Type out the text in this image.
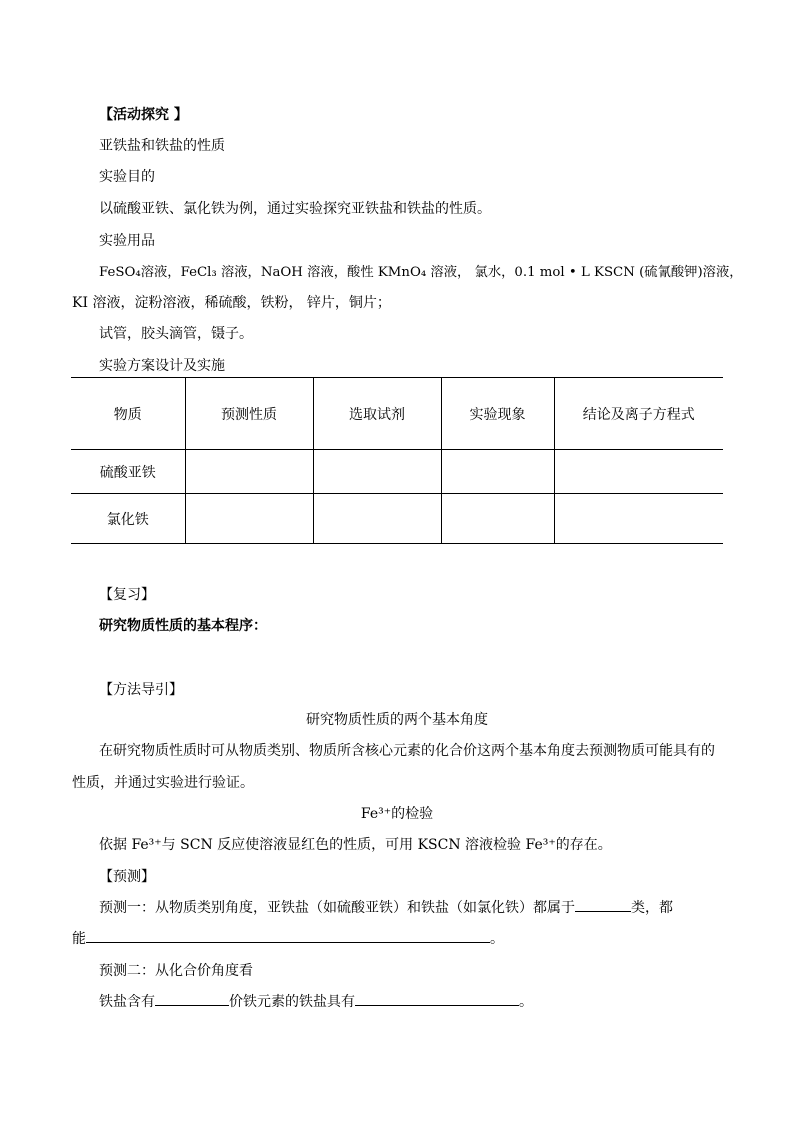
【活动探究 】
亚铁盐和铁盐的性质
实验目的
以硫酸亚铁、氯化铁为例，通过实验探究亚铁盐和铁盐的性质。
实验用品
FeSO₄溶液，FeCl₃ 溶液，NaOH 溶液，酸性 KMnO₄ 溶液， 氯水，0.1 mol • L KSCN (硫氰酸钾)溶液，
KI 溶液，淀粉溶液，稀硫酸，铁粉， 锌片，铜片；
试管，胶头滴管，镊子。
实验方案设计及实施
物质	预测性质	选取试剂	实验现象	结论及离子方程式
硫酸亚铁				
氯化铁				
【复习】
研究物质性质的基本程序：
【方法导引】
研究物质性质的两个基本角度
在研究物质性质时可从物质类别、物质所含核心元素的化合价这两个基本角度去预测物质可能具有的
性质，并通过实验进行验证。
Fe³⁺的检验
依据 Fe³⁺与 SCN 反应使溶液显红色的性质，可用 KSCN 溶液检验 Fe³⁺的存在。
【预测】
预测一：从物质类别角度，亚铁盐（如硫酸亚铁）和铁盐（如氯化铁）都属于	类，都
能	。
预测二：从化合价角度看
铁盐含有	价铁元素的铁盐具有	。
